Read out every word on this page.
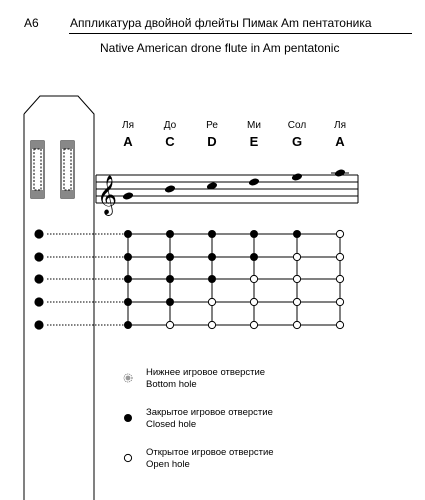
A6	Аппликатура двойной флейты Пимак Am пентатоника
Native American drone flute in Am pentatonic
𝄞
Ля
A
До
C
Ре
D
Ми
E
Сол
G
Ля
A
Нижнее игровое отверстие
Bottom hole
Закрытое игровое отверстие
Closed hole
Открытое игровое отверстие
Open hole
